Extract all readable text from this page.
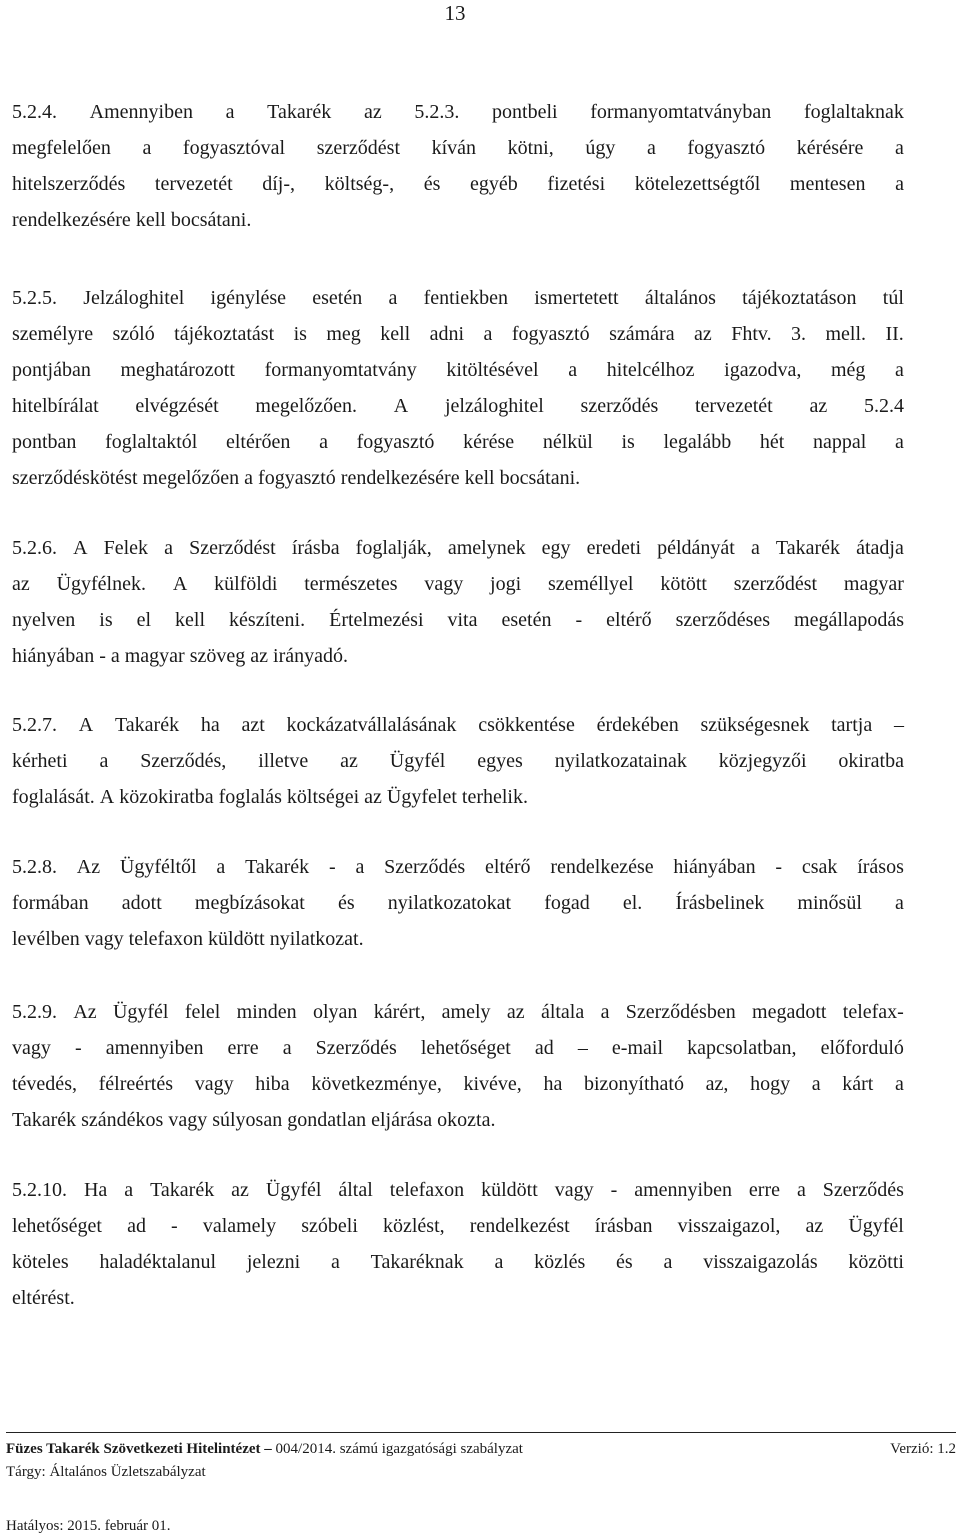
13
5.2.4. Amennyiben a Takarék az 5.2.3. pontbeli formanyomtatványban foglaltaknak
megfelelően a fogyasztóval szerződést kíván kötni, úgy a fogyasztó kérésére a
hitelszerződés tervezetét díj-, költség-, és egyéb fizetési kötelezettségtől mentesen a
rendelkezésére kell bocsátani.
5.2.5. Jelzáloghitel igénylése esetén a fentiekben ismertetett általános tájékoztatáson túl
személyre szóló tájékoztatást is meg kell adni a fogyasztó számára az Fhtv. 3. mell. II.
pontjában meghatározott formanyomtatvány kitöltésével a hitelcélhoz igazodva, még a
hitelbírálat elvégzését megelőzően. A jelzáloghitel szerződés tervezetét az 5.2.4
pontban foglaltaktól eltérően a fogyasztó kérése nélkül is legalább hét nappal a
szerződéskötést megelőzően a fogyasztó rendelkezésére kell bocsátani.
5.2.6. A Felek a Szerződést írásba foglalják, amelynek egy eredeti példányát a Takarék átadja
az Ügyfélnek. A külföldi természetes vagy jogi személlyel kötött szerződést magyar
nyelven is el kell készíteni. Értelmezési vita esetén - eltérő szerződéses megállapodás
hiányában - a magyar szöveg az irányadó.
5.2.7. A Takarék ha azt kockázatvállalásának csökkentése érdekében szükségesnek tartja –
kérheti a Szerződés, illetve az Ügyfél egyes nyilatkozatainak közjegyzői okiratba
foglalását. A közokiratba foglalás költségei az Ügyfelet terhelik.
5.2.8. Az Ügyféltől a Takarék - a Szerződés eltérő rendelkezése hiányában - csak írásos
formában adott megbízásokat és nyilatkozatokat fogad el. Írásbelinek minősül a
levélben vagy telefaxon küldött nyilatkozat.
5.2.9. Az Ügyfél felel minden olyan kárért, amely az általa a Szerződésben megadott telefax-
vagy - amennyiben erre a Szerződés lehetőséget ad – e-mail kapcsolatban, előforduló
tévedés, félreértés vagy hiba következménye, kivéve, ha bizonyítható az, hogy a kárt a
Takarék szándékos vagy súlyosan gondatlan eljárása okozta.
5.2.10. Ha a Takarék az Ügyfél által telefaxon küldött vagy - amennyiben erre a Szerződés
lehetőséget ad - valamely szóbeli közlést, rendelkezést írásban visszaigazol, az Ügyfél
köteles haladéktalanul jelezni a Takaréknak a közlés és a visszaigazolás közötti
eltérést.
Füzes Takarék Szövetkezeti Hitelintézet – 004/2014. számú igazgatósági szabályzat	Verzió: 1.2
Tárgy: Általános Üzletszabályzat
Hatályos: 2015. február 01.
